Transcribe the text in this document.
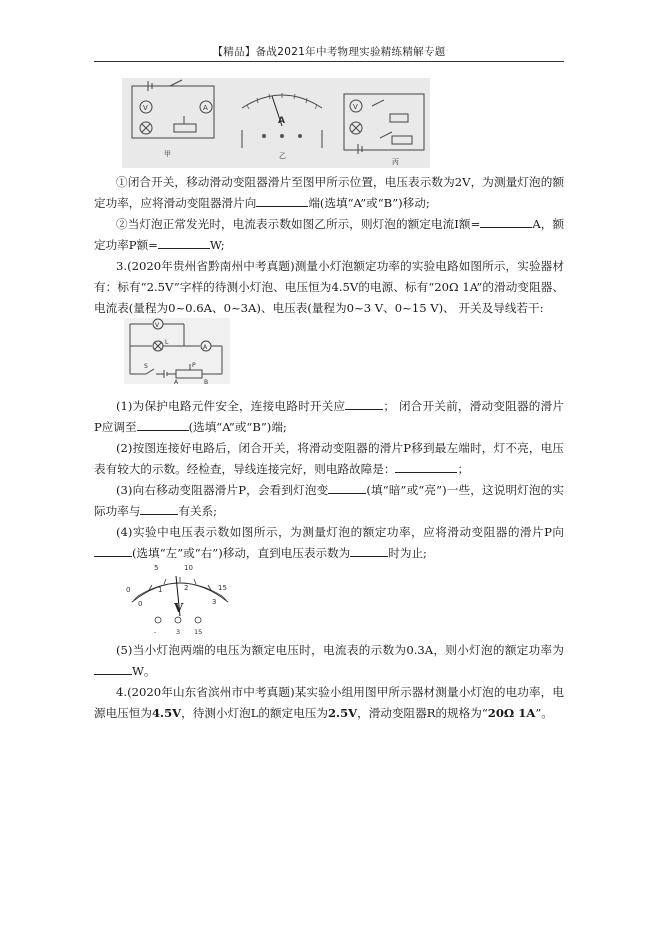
【精品】备战2021年中考物理实验精练精解专题
V	A
甲
A
乙
V
丙

①闭合开关，移动滑动变阻器滑片至图甲所示位置，电压表示数为2V，为测量灯泡的额定功率，应将滑动变阻器滑片向	端(选填“A”或“B”)移动;

②当灯泡正常发光时，电流表示数如图乙所示，则灯泡的额定电流I额=	A，额定功率P额=	W;

3.(2020年贵州省黔南州中考真题)测量小灯泡额定功率的实验电路如图所示，实验器材有：标有“2.5V”字样的待测小灯泡、电压恒为4.5V的电源、标有“20Ω 1A”的滑动变阻器、电流表(量程为0~0.6A、0~3A)、电压表(量程为0~3 V、0~15 V)、 开关及导线若干:

V
A
L
S	P
A	B

(1)为保护电路元件安全，连接电路时开关应	； 闭合开关前，滑动变阻器的滑片P应调至	(选填“A”或“B”)端;

(2)按图连接好电路后，闭合开关，将滑动变阻器的滑片P移到最左端时，灯不亮，电压表有较大的示数。经检查，导线连接完好，则电路故障是：	；

(3)向右移动变阻器滑片P，会看到灯泡变	(填“暗”或“亮”)一些，这说明灯泡的实际功率与	有关系;

(4)实验中电压表示数如图所示，为测量灯泡的额定功率，应将滑动变阻器的滑片P向(选填“左”或“右”)移动，直到电压表示数为	时为止;

0
5	10
15
0
1	2
3
V
-	3 15

(5)当小灯泡两端的电压为额定电压时，电流表的示数为0.3A，则小灯泡的额定功率为W。

4.(2020年山东省滨州市中考真题)某实验小组用图甲所示器材测量小灯泡的电功率，电源电压恒为4.5V，待测小灯泡L的额定电压为2.5V，滑动变阻器R的规格为“20Ω 1A”。
